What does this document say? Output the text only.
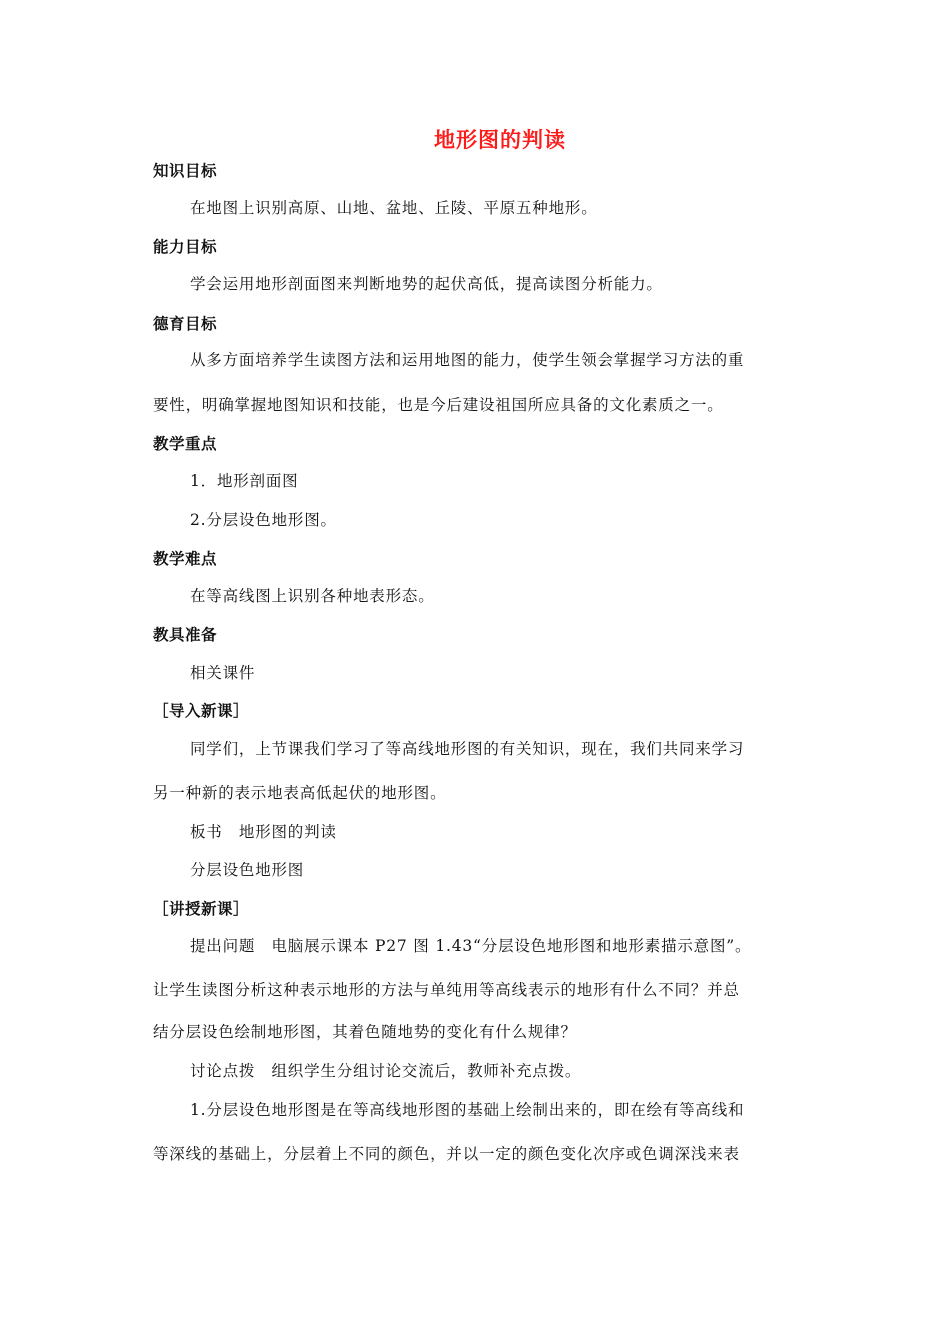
地形图的判读
知识目标
在地图上识别高原、山地、盆地、丘陵、平原五种地形。
能力目标
学会运用地形剖面图来判断地势的起伏高低，提高读图分析能力。
德育目标
从多方面培养学生读图方法和运用地图的能力，使学生领会掌握学习方法的重
要性，明确掌握地图知识和技能，也是今后建设祖国所应具备的文化素质之一。
教学重点
1．地形剖面图
2.分层设色地形图。
教学难点
在等高线图上识别各种地表形态。
教具准备
相关课件
［导入新课］
同学们，上节课我们学习了等高线地形图的有关知识，现在，我们共同来学习
另一种新的表示地表高低起伏的地形图。
板书　地形图的判读
分层设色地形图
［讲授新课］
提出问题　电脑展示课本 P27 图 1.43“分层设色地形图和地形素描示意图”。
让学生读图分析这种表示地形的方法与单纯用等高线表示的地形有什么不同？并总
结分层设色绘制地形图，其着色随地势的变化有什么规律？
讨论点拨　组织学生分组讨论交流后，教师补充点拨。
1.分层设色地形图是在等高线地形图的基础上绘制出来的，即在绘有等高线和
等深线的基础上，分层着上不同的颜色，并以一定的颜色变化次序或色调深浅来表
